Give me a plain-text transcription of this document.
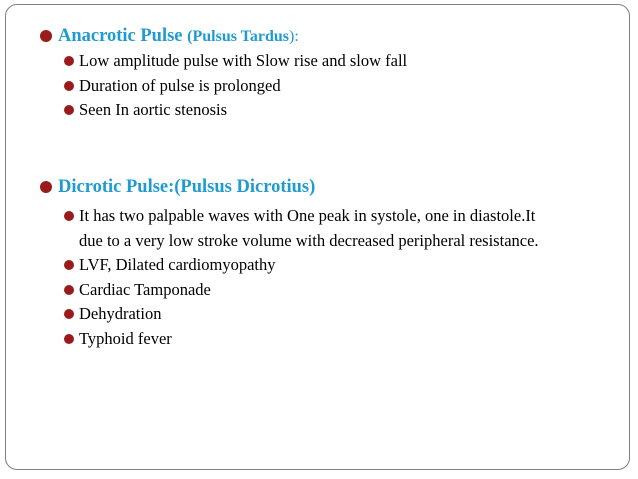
Anacrotic Pulse (Pulsus Tardus):
Low amplitude pulse with Slow rise and slow fall
Duration of pulse is prolonged
Seen In aortic stenosis
Dicrotic Pulse:(Pulsus Dicrotius)
It has two palpable waves with One peak in systole, one in diastole.It due to a very low stroke volume with decreased peripheral resistance.
LVF, Dilated cardiomyopathy
Cardiac Tamponade
Dehydration
Typhoid fever
